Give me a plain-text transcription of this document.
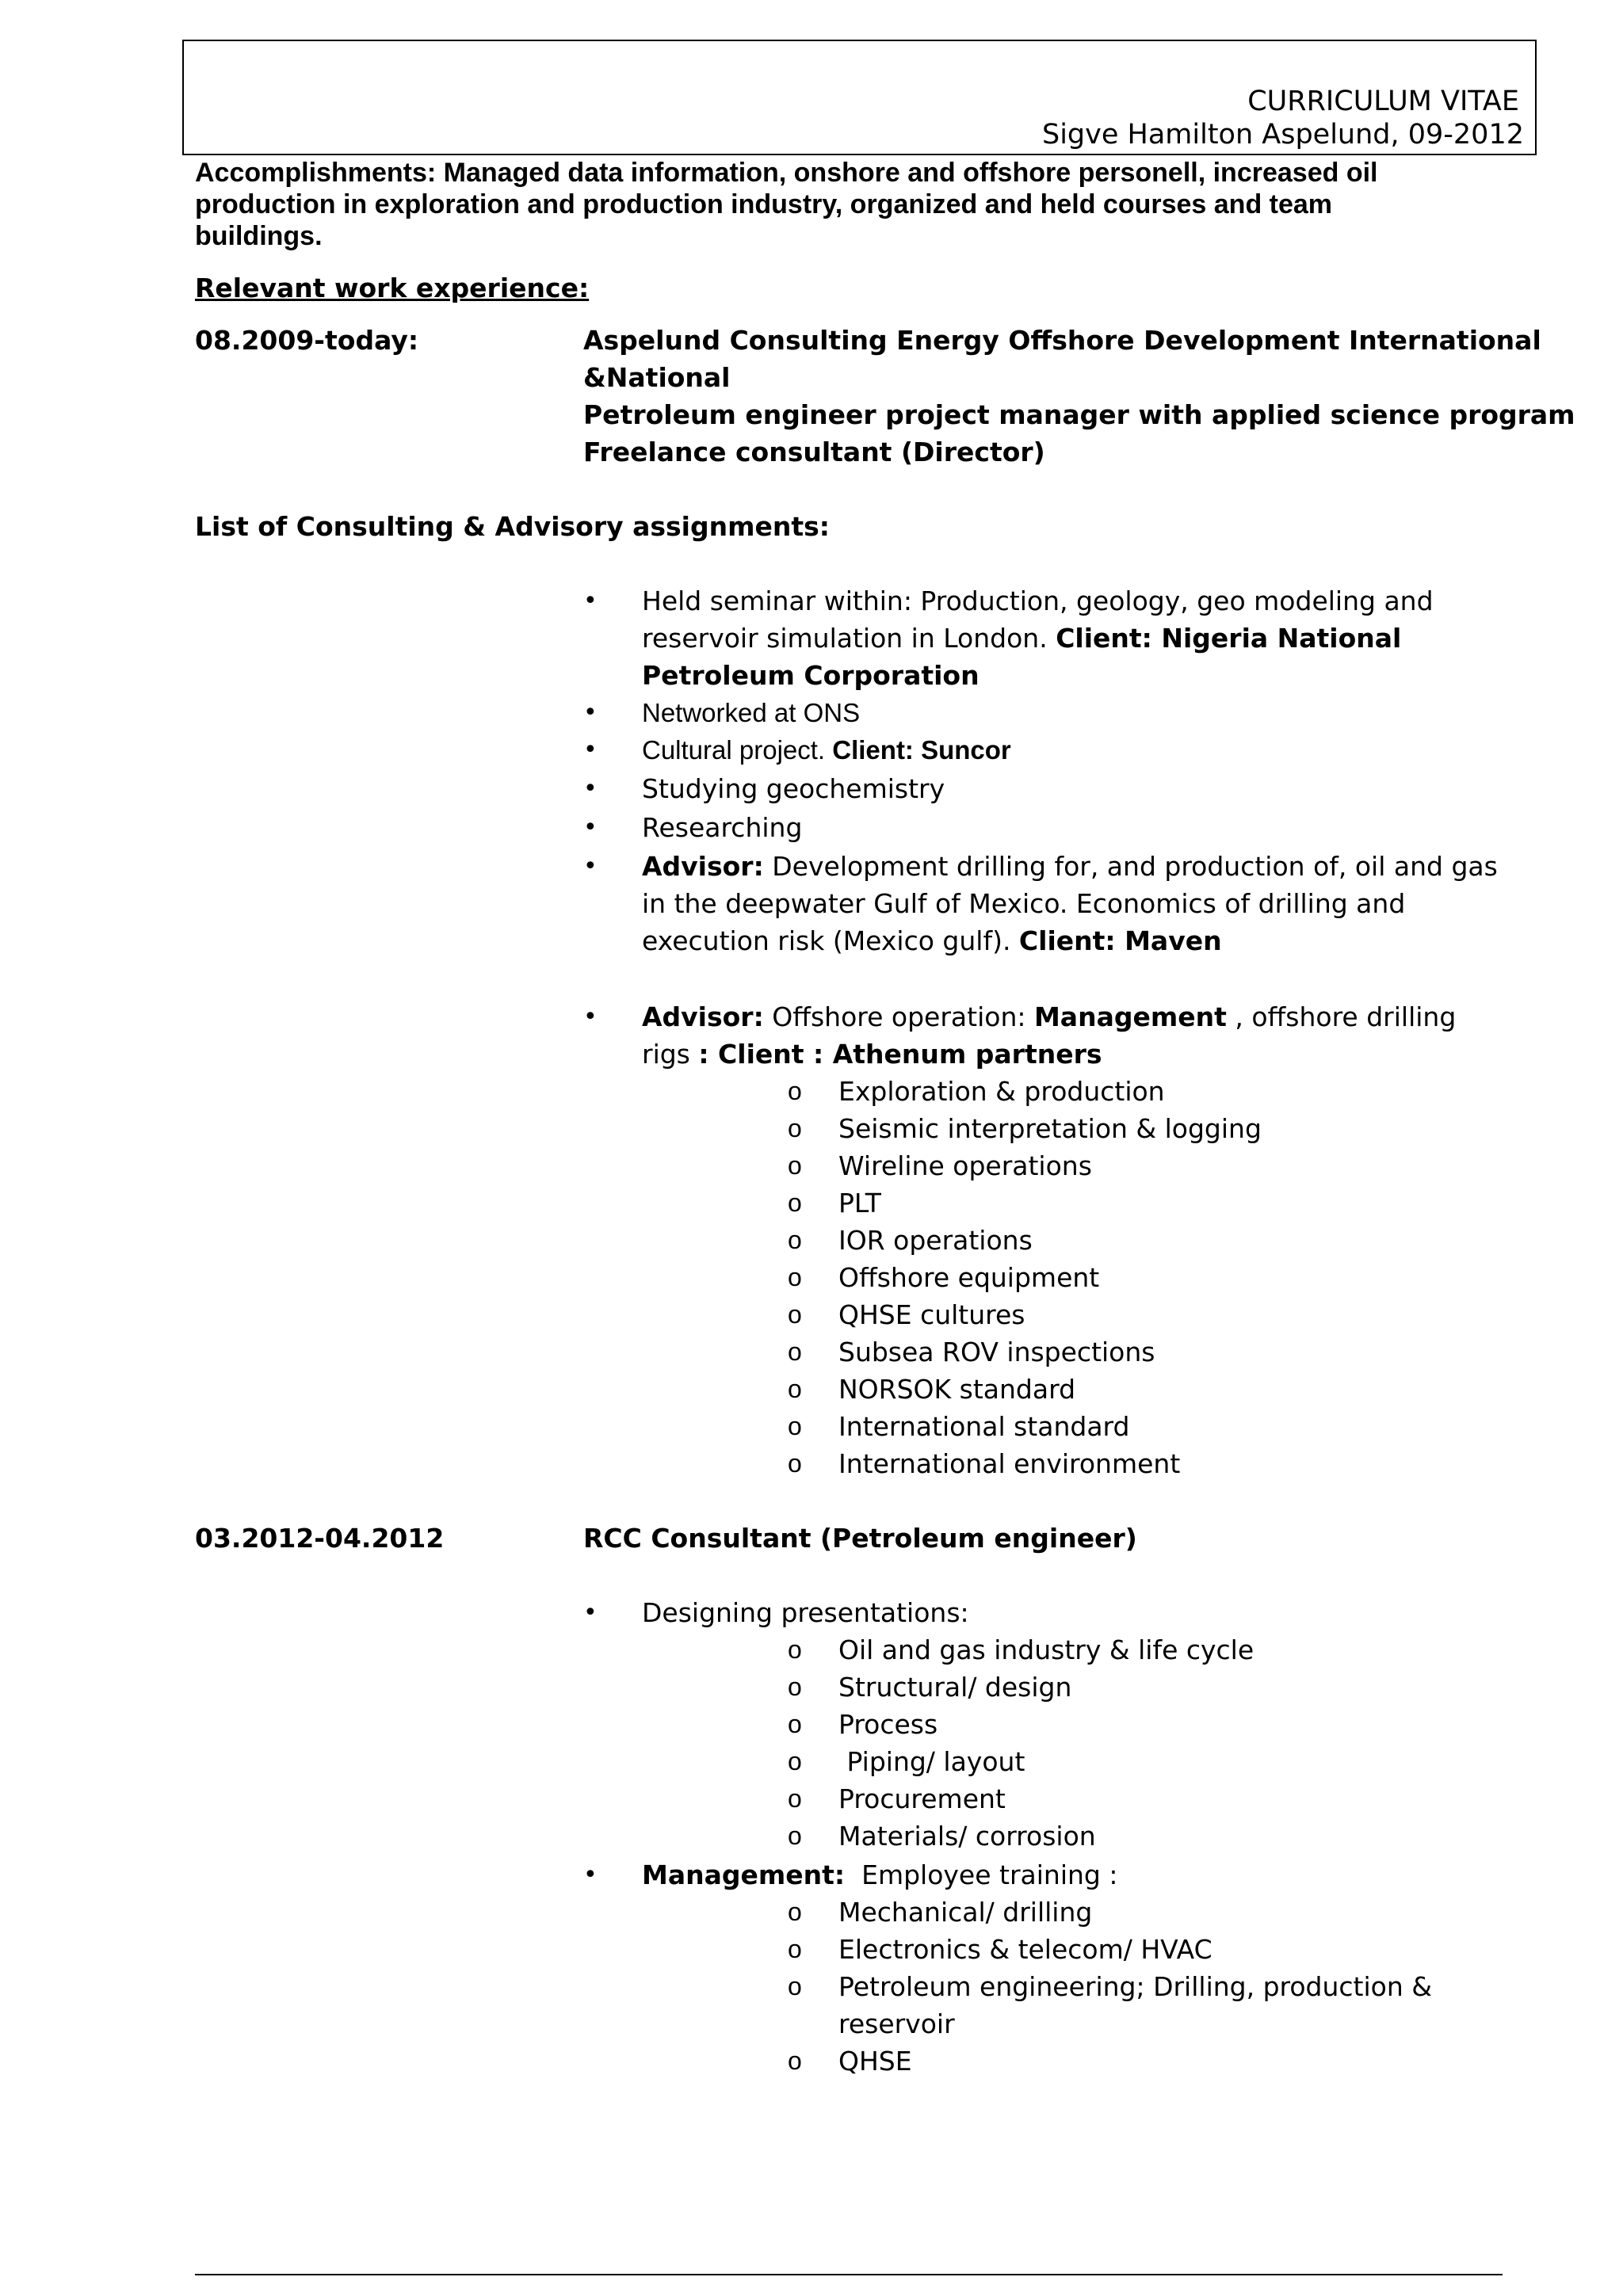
CURRICULUM VITAE
Sigve Hamilton Aspelund, 09-2012
Accomplishments: Managed data information, onshore and offshore personell, increased oil production in exploration and production industry, organized and held courses and team buildings.
Relevant work experience:
08.2009-today:	Aspelund Consulting Energy Offshore Development International
&National
Petroleum engineer project manager with applied science program
Freelance consultant (Director)
List of Consulting & Advisory assignments:
• Held seminar within: Production, geology, geo modeling and
reservoir simulation in London. Client: Nigeria National
Petroleum Corporation
• Networked at ONS
• Cultural project. Client: Suncor
• Studying geochemistry
• Researching
• Advisor: Development drilling for, and production of, oil and gas
in the deepwater Gulf of Mexico. Economics of drilling and
execution risk (Mexico gulf). Client: Maven
• Advisor: Offshore operation: Management , offshore drilling
rigs : Client : Athenum partners
o Exploration & production
o Seismic interpretation & logging
o Wireline operations
o PLT
o IOR operations
o Offshore equipment
o QHSE cultures
o Subsea ROV inspections
o NORSOK standard
o International standard
o International environment
03.2012-04.2012	RCC Consultant (Petroleum engineer)
• Designing presentations:
o Oil and gas industry & life cycle
o Structural/ design
o Process
o Piping/ layout
o Procurement
o Materials/ corrosion
• Management:  Employee training :
o Mechanical/ drilling
o Electronics & telecom/ HVAC
o Petroleum engineering; Drilling, production &
reservoir
o QHSE
